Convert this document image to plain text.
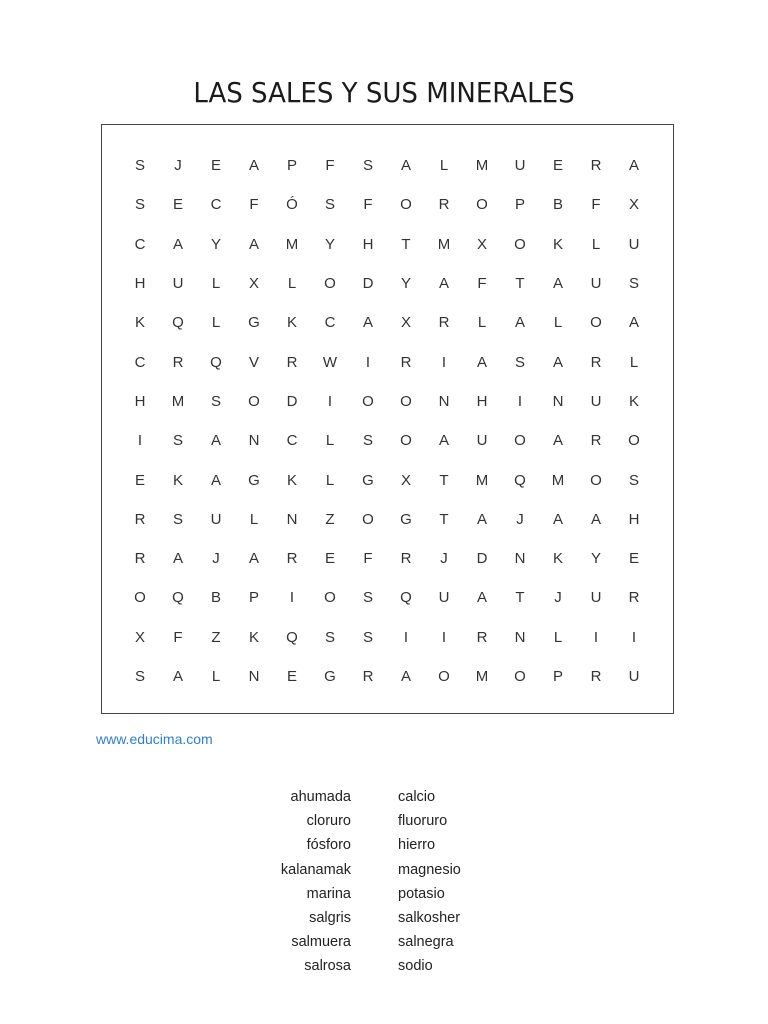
LAS SALES Y SUS MINERALES
S	J	E	A	P	F	S	A	L	M	U	E	R	A
S	E	C	F	Ó	S	F	O	R	O	P	B	F	X
C	A	Y	A	M	Y	H	T	M	X	O	K	L	U
H	U	L	X	L	O	D	Y	A	F	T	A	U	S
K	Q	L	G	K	C	A	X	R	L	A	L	O	A
C	R	Q	V	R	W	I	R	I	A	S	A	R	L
H	M	S	O	D	I	O	O	N	H	I	N	U	K
I	S	A	N	C	L	S	O	A	U	O	A	R	O
E	K	A	G	K	L	G	X	T	M	Q	M	O	S
R	S	U	L	N	Z	O	G	T	A	J	A	A	H
R	A	J	A	R	E	F	R	J	D	N	K	Y	E
O	Q	B	P	I	O	S	Q	U	A	T	J	U	R
X	F	Z	K	Q	S	S	I	I	R	N	L	I	I
S	A	L	N	E	G	R	A	O	M	O	P	R	U
www.educima.com
ahumada
cloruro
fósforo
kalanamak
marina
salgris
salmuera
salrosa
calcio
fluoruro
hierro
magnesio
potasio
salkosher
salnegra
sodio
